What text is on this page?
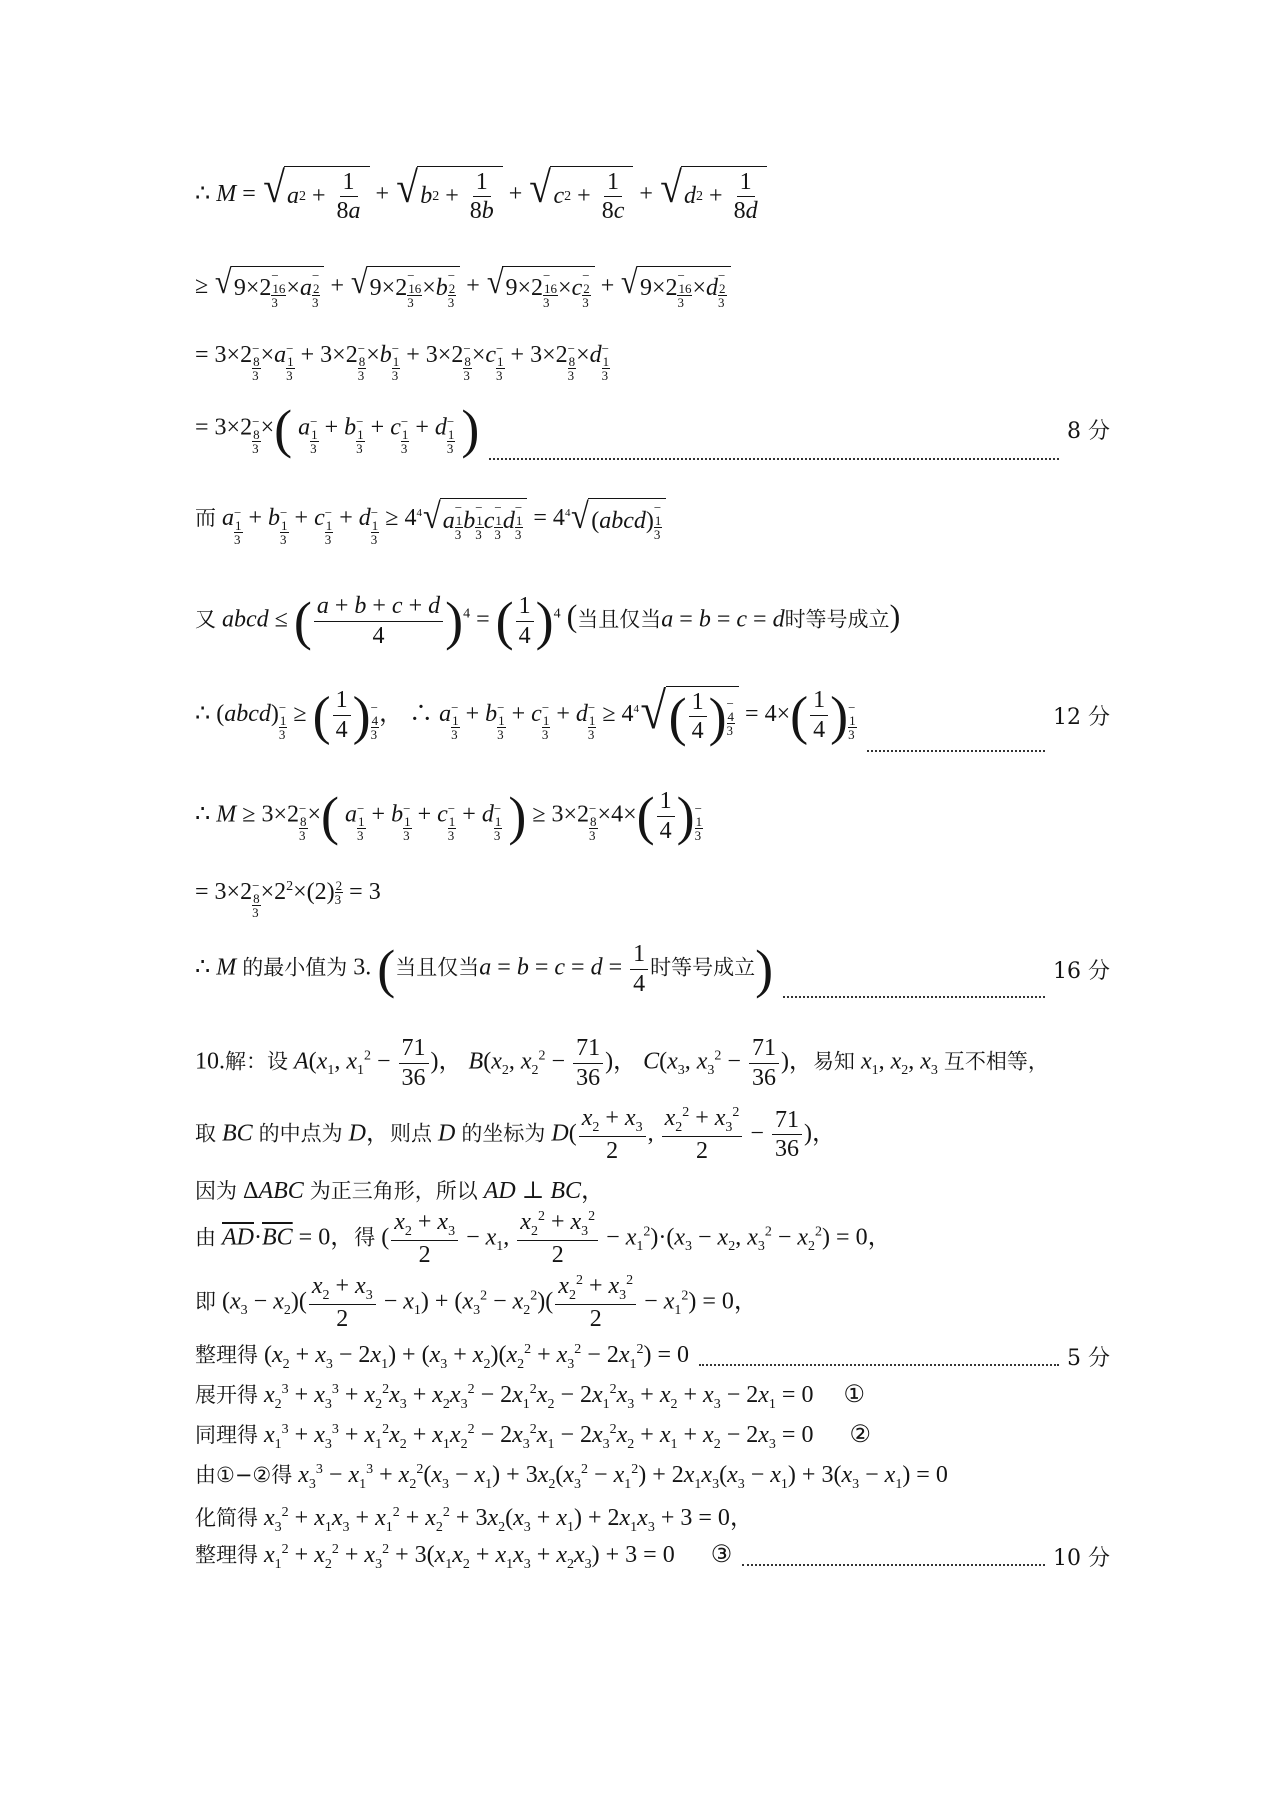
∴ M = √ a $2 + \frac{1}{8a}$ + √ b $2 + \frac{1}{8b}$ + √ c $2 + \frac{1}{8c}$ + √ d $2 + \frac{1}{8d}$
≥ √ 9×2 −
16
3
× a −
2
3
+ √ 9×2 −
16
3
× b −
2
3
+ √ 9×2 −
16
3
× c −
2
3
+ √ 9×2 −
16
3
× d −
2
3
= 3×2−
8
3
×a−
1
3
+ 3×2−
8
3
×b−
1
3
+ 3×2−
8
3
×c−
1
3
+ 3×2−
8
3
×d−
1
3
= 3×2−
8
3
×( a−
1
3
+ b−
1
3
+ c−
1
3
+ d−
1
3 )	8 分
而 a−
1
3
+ b−
1
3
+ c−
1
3
+ d−
1
3
≥ $4^4$ √ a −
1
3
b −
1
3
c −
1
3
d −
1
3
= $4^4$ √ ( abcd ) −
1
3
又 abcd ≤ ( $\frac{a + b + c + d}{4} )^4$ = ( $\frac{1}{4} )^4$ (当且仅当a = b = c = d时等号成立)
∴ (abcd)−
1
3
≥ ( $\frac{1}{4}$ )−
4
3
， ∴ a−
1
3
+ b−
1
3
+ c−
1
3
+ d−
1
3
≥ $4^4$ √ ( $\frac{1}{4}$ ) −
4
3
= $4\times( \frac{1}{4}$ )−
1
3
12 分
∴ M ≥ 3×2−
8
3
×( a−
1
3
+ b−
1
3
+ c−
1
3
+ d−
1
3 ) ≥ 3×2−
8
3
$\times 4\times( \frac{1}{4}$ )−
1
3
= 3×2−
8
3
$\times 2^2\times(2) \frac{2}{3} = 3$
∴ M 的最小值为 3. (当且仅当$a = b = c = d = \frac{1}{4}$ 时等号成立)	16 分
10.解：设 $A(x_1$, $x_1^2 - \frac{71}{36}$ )， $B(x_2$, $x_2^2 - \frac{71}{36}$ )， $C(x_3$, $x_3^2 - \frac{71}{36}$ )，易知 $x_1$, $x_2$, $x_3$ 互不相等，
取 BC 的中点为 D，则点 D 的坐标为 $D( \frac{x_2 + x_3}{2}$ , $\frac{x_2^2 + x_3^2}{2} - \frac{71}{36}$ )，
因为 ΔABC 为正三角形，所以 AD ⊥ BC，
由 $\overline{AD}\cdot\overline{BC} = 0$，得 ( $\frac{x_2 + x_3}{2} - x_1$, $\frac{x_2^2 + x_3^2}{2} - x_1^2)\cdot(x_3 - x_2$, $x_3^2 - x_2^2) = 0$，
即 $(x_3 - x_2)( \frac{x_2 + x_3}{2} - x_1) + (x_3^2 - x_2^2)( \frac{x_2^2 + x_3^2}{2} - x_1^2) = 0$，
整理得 $(x_2 + x_3 - 2x_1) + (x_3 + x_2)(x_2^2 + x_3^2 - 2x_1^2) = 0$	5 分
展开得 $x_2^3 + x_3^3 + x_2^2x_3 + x_2x_3^2 - 2x_1^2x_2 - 2x_1^2x_3 + x_2 + x_3 - 2x_1 = 0$     ①
同理得 $x_1^3 + x_3^3 + x_1^2x_2 + x_1x_2^2 - 2x_3^2x_1 - 2x_3^2x_2 + x_1 + x_2 - 2x_3 = 0$      ②
由①−②得 $x_3^3 - x_1^3 + x_2^2(x_3 - x_1) + 3x_2(x_3^2 - x_1^2) + 2x_1x_3(x_3 - x_1) + 3(x_3 - x_1) = 0$
化简得 $x_3^2 + x_1x_3 + x_1^2 + x_2^2 + 3x_2(x_3 + x_1) + 2x_1x_3 + 3 = 0$，
整理得 $x_1^2 + x_2^2 + x_3^2 + 3(x_1x_2 + x_1x_3 + x_2x_3) + 3 = 0$      ③	10 分
